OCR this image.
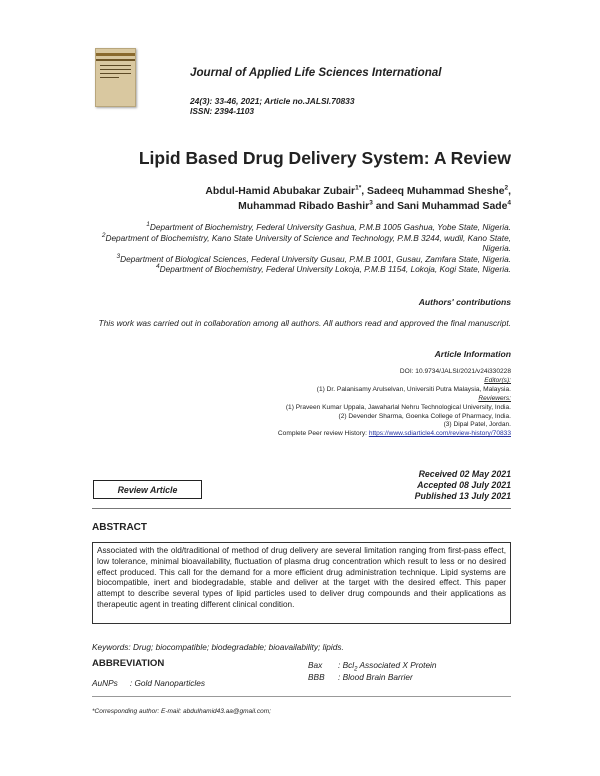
Journal of Applied Life Sciences International
24(3): 33-46, 2021; Article no.JALSI.70833
ISSN: 2394-1103
Lipid Based Drug Delivery System: A Review
Abdul-Hamid Abubakar Zubair$^{1*}$, Sadeeq Muhammad Sheshe$^2$,
Muhammad Ribado Bashir$^3$ and Sani Muhammad Sade$^4$
$^1$Department of Biochemistry, Federal University Gashua, P.M.B 1005 Gashua, Yobe State, Nigeria.
$^2$Department of Biochemistry, Kano State University of Science and Technology, P.M.B 3244, wudil, Kano State, Nigeria.
$^3$Department of Biological Sciences, Federal University Gusau, P.M.B 1001, Gusau, Zamfara State, Nigeria.
$^4$Department of Biochemistry, Federal University Lokoja, P.M.B 1154, Lokoja, Kogi State, Nigeria.
Authors' contributions
This work was carried out in collaboration among all authors. All authors read and approved the final manuscript.
Article Information
DOI: 10.9734/JALSI/2021/v24i330228
Editor(s):
(1) Dr. Palanisamy Arulselvan, Universiti Putra Malaysia, Malaysia.
Reviewers:
(1) Praveen Kumar Uppala, Jawaharlal Nehru Technological University, India.
(2) Devender Sharma, Goenka College of Pharmacy, India.
(3) Dipal Patel, Jordan.
Complete Peer review History: https://www.sdiarticle4.com/review-history/70833
Received 02 May 2021
Accepted 08 July 2021
Published 13 July 2021
Review Article
ABSTRACT
Associated with the old/traditional of method of drug delivery are several limitation ranging from first-pass effect, low tolerance, minimal bioavailability, fluctuation of plasma drug concentration which result to less or no desired effect produced. This call for the demand for a more efficient drug administration technique. Lipid systems are biocompatible, inert and biodegradable, stable and deliver at the target with the desired effect. This paper attempt to describe several types of lipid particles used to deliver drug compounds and their applications as therapeutic agent in treating different clinical condition.
Keywords: Drug; biocompatible; biodegradable; bioavailability; lipids.
ABBREVIATION
AuNPs : Gold Nanoparticles
Bax : Bcl$_2$ Associated X Protein
BBB : Blood Brain Barrier
*Corresponding author: E-mail: abdulhamid43.aa@gmail.com;
